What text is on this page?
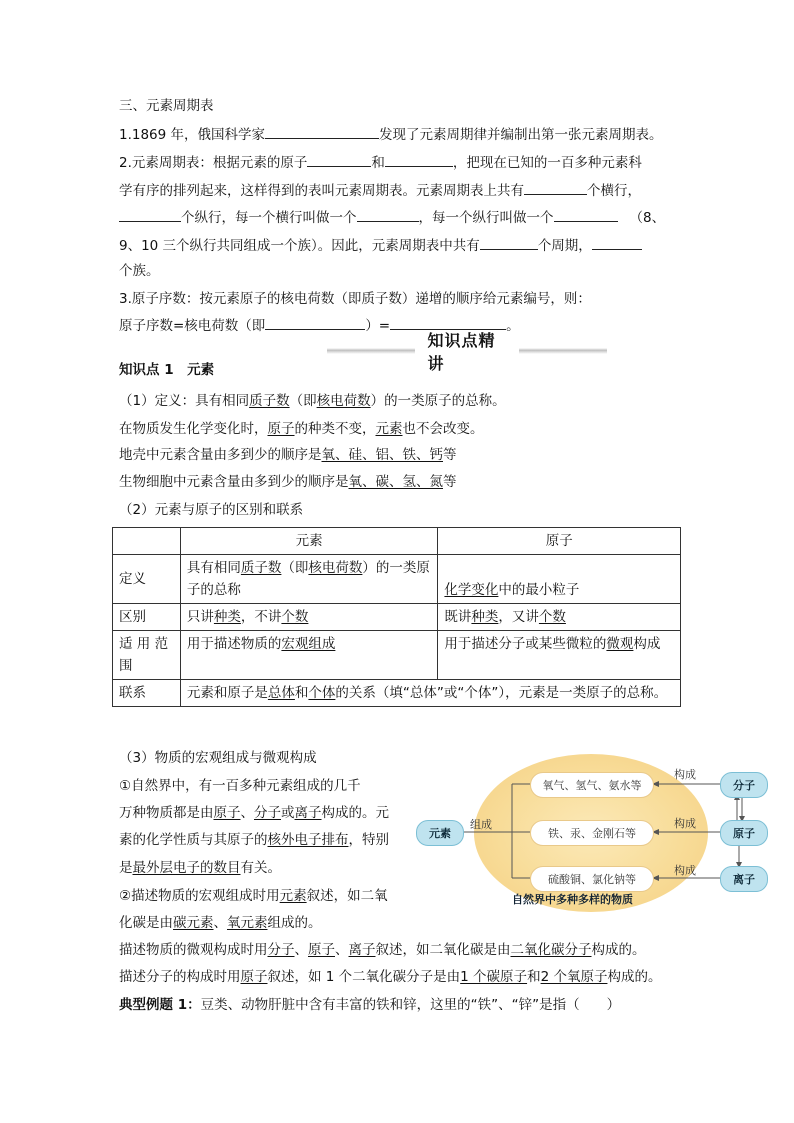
三、元素周期表
1.1869 年，俄国科学家	发现了元素周期律并编制出第一张元素周期表。
2.元素周期表：根据元素的原子	和	，把现在已知的一百多种元素科
学有序的排列起来，这样得到的表叫元素周期表。元素周期表上共有	个横行，
个纵行，每一个横行叫做一个	，每一个纵行叫做一个	（8、
9、10 三个纵行共同组成一个族）。因此，元素周期表中共有	个周期，
个族。
3.原子序数：按元素原子的核电荷数（即质子数）递增的顺序给元素编号，则：
原子序数=核电荷数（即	）=	。
知识点精讲
知识点 1　元素
（1）定义：具有相同质子数（即核电荷数）的一类原子的总称。
在物质发生化学变化时，原子的种类不变，元素也不会改变。
地壳中元素含量由多到少的顺序是氧、硅、铝、铁、钙等
生物细胞中元素含量由多到少的顺序是氧、碳、氢、氮等
（2）元素与原子的区别和联系
	元素	原子
定义	具有相同质子数（即核电荷数）的一类原子的总称	化学变化中的最小粒子
区别	只讲种类，不讲个数	既讲种类，又讲个数
适 用 范 围	用于描述物质的宏观组成	用于描述分子或某些微粒的微观构成
联系	元素和原子是总体和个体的关系（填“总体”或“个体”），元素是一类原子的总称。	
（3）物质的宏观组成与微观构成
①自然界中，有一百多种元素组成的几千
万种物质都是由原子、分子或离子构成的。元
素的化学性质与其原子的核外电子排布，特别
是最外层电子的数目有关。
②描述物质的宏观组成时用元素叙述，如二氧
化碳是由碳元素、氧元素组成的。
描述物质的微观构成时用分子、原子、离子叙述，如二氧化碳是由二氧化碳分子构成的。
描述分子的构成时用原子叙述，如 1 个二氧化碳分子是由1 个碳原子和2 个氧原子构成的。
典型例题 1：豆类、动物肝脏中含有丰富的铁和锌，这里的“铁”、“锌”是指（　　）
元素
组成
氧气、氢气、氨水等
铁、汞、金刚石等
硫酸铜、氯化钠等
构成
构成
构成
分子
原子
离子
自然界中多种多样的物质
